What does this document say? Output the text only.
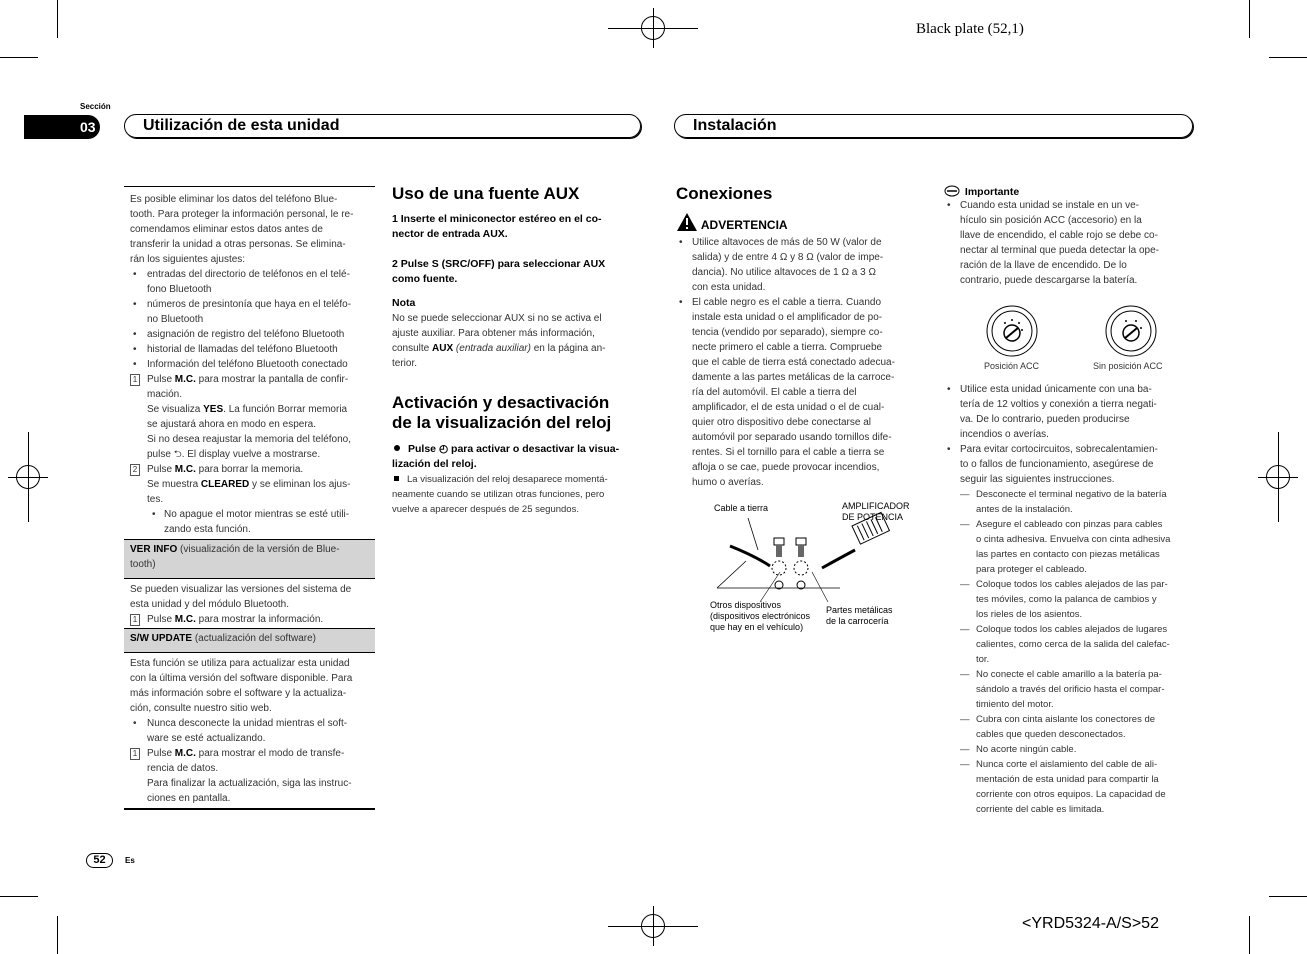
Black plate (52,1)
<YRD5324-A/S>52
Sección
03	Utilización de esta unidad	Instalación

Es posible eliminar los datos del teléfono Blue-

tooth. Para proteger la información personal, le re-

comendamos eliminar estos datos antes de

transferir la unidad a otras personas. Se elimina-

rán los siguientes ajustes:

• entradas del directorio de teléfonos en el telé-

fono Bluetooth

• números de presintonía que haya en el teléfo-

no Bluetooth

• asignación de registro del teléfono Bluetooth

• historial de llamadas del teléfono Bluetooth

• Información del teléfono Bluetooth conectado

1 Pulse M.C. para mostrar la pantalla de confir-

mación.

Se visualiza YES. La función Borrar memoria

se ajustará ahora en modo en espera.

Si no desea reajustar la memoria del teléfono,

pulse ⮌. El display vuelve a mostrarse.

2 Pulse M.C. para borrar la memoria.

Se muestra CLEARED y se eliminan los ajus-

tes.

• No apague el motor mientras se esté utili-

zando esta función.

VER INFO (visualización de la versión de Blue-
tooth)

Se pueden visualizar las versiones del sistema de

esta unidad y del módulo Bluetooth.

1 Pulse M.C. para mostrar la información.

S/W UPDATE (actualización del software)

Esta función se utiliza para actualizar esta unidad

con la última versión del software disponible. Para

más información sobre el software y la actualiza-

ción, consulte nuestro sitio web.

• Nunca desconecte la unidad mientras el soft-

ware se esté actualizando.

1 Pulse M.C. para mostrar el modo de transfe-

rencia de datos.

Para finalizar la actualización, siga las instruc-

ciones en pantalla.

Uso de una fuente AUX
1 Inserte el miniconector estéreo en el co-
nector de entrada AUX.
2 Pulse S (SRC/OFF) para seleccionar AUX
como fuente.
Nota

No se puede seleccionar AUX si no se activa el

ajuste auxiliar. Para obtener más información,

consulte AUX (entrada auxiliar) en la página an-

terior.

Activación y desactivación
de la visualización del reloj
Pulse ◴ para activar o desactivar la visua-
lización del reloj.

La visualización del reloj desaparece momentá-

neamente cuando se utilizan otras funciones, pero

vuelve a aparecer después de 25 segundos.

Conexiones
ADVERTENCIA

• Utilice altavoces de más de 50 W (valor de

salida) y de entre 4 Ω y 8 Ω (valor de impe-

dancia). No utilice altavoces de 1 Ω a 3 Ω

con esta unidad.

• El cable negro es el cable a tierra. Cuando

instale esta unidad o el amplificador de po-

tencia (vendido por separado), siempre co-

necte primero el cable a tierra. Compruebe

que el cable de tierra está conectado adecua-

damente a las partes metálicas de la carroce-

ría del automóvil. El cable a tierra del

amplificador, el de esta unidad o el de cual-

quier otro dispositivo debe conectarse al

automóvil por separado usando tornillos dife-

rentes. Si el tornillo para el cable a tierra se

afloja o se cae, puede provocar incendios,

humo o averías.

Cable a tierra	AMPLIFICADOR
DE POTENCIA
Otros dispositivos
(dispositivos electrónicos
que hay en el vehículo)
Partes metálicas
de la carrocería
Importante

• Cuando esta unidad se instale en un ve-

hículo sin posición ACC (accesorio) en la

llave de encendido, el cable rojo se debe co-

nectar al terminal que pueda detectar la ope-

ración de la llave de encendido. De lo

contrario, puede descargarse la batería.

Posición ACC	Sin posición ACC

• Utilice esta unidad únicamente con una ba-

tería de 12 voltios y conexión a tierra negati-

va. De lo contrario, pueden producirse

incendios o averías.

• Para evitar cortocircuitos, sobrecalentamien-

to o fallos de funcionamiento, asegúrese de

seguir las siguientes instrucciones.

— Desconecte el terminal negativo de la batería

antes de la instalación.

— Asegure el cableado con pinzas para cables

o cinta adhesiva. Envuelva con cinta adhesiva

las partes en contacto con piezas metálicas

para proteger el cableado.

— Coloque todos los cables alejados de las par-

tes móviles, como la palanca de cambios y

los rieles de los asientos.

— Coloque todos los cables alejados de lugares

calientes, como cerca de la salida del calefac-

tor.

— No conecte el cable amarillo a la batería pa-

sándolo a través del orificio hasta el compar-

timiento del motor.

— Cubra con cinta aislante los conectores de

cables que queden desconectados.

— No acorte ningún cable.

— Nunca corte el aislamiento del cable de ali-

mentación de esta unidad para compartir la

corriente con otros equipos. La capacidad de

corriente del cable es limitada.

52	Es
